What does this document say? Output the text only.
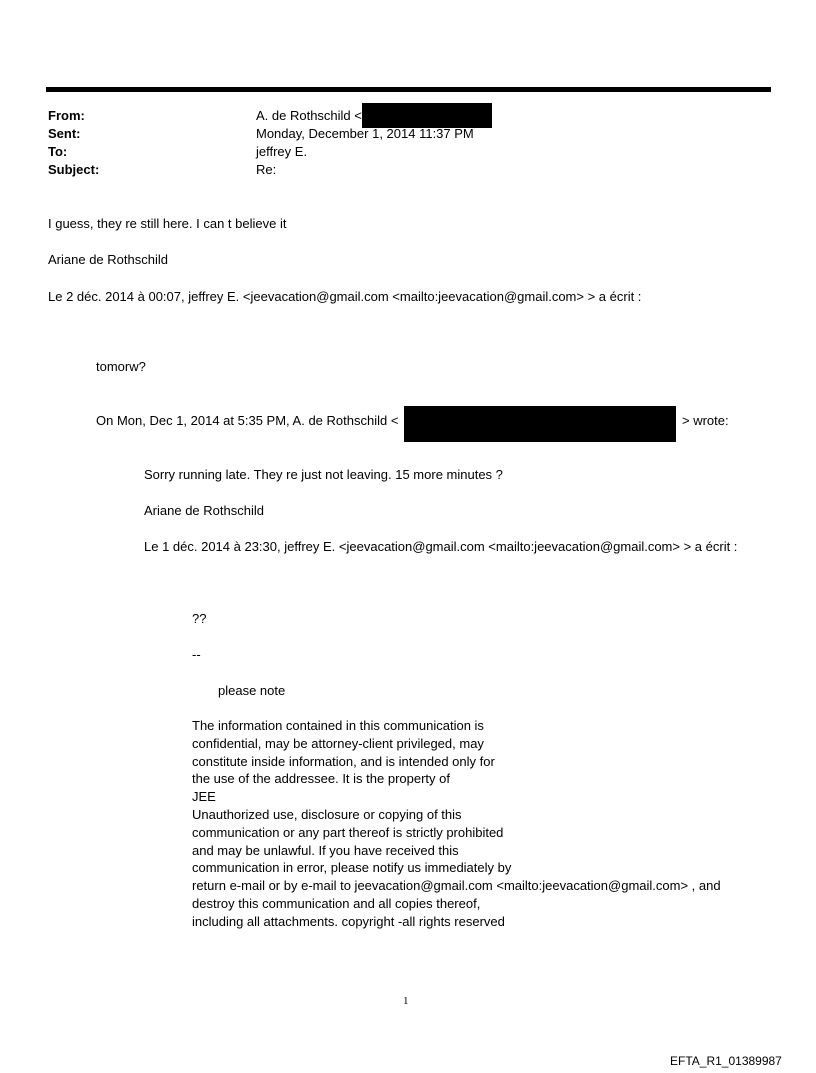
From:	A. de Rothschild <
Sent:	Monday, December 1, 2014 11:37 PM
To:	jeffrey E.
Subject:	Re:
I guess, they re still here. I can t believe it
Ariane de Rothschild
Le 2 déc. 2014 à 00:07, jeffrey E. <jeevacation@gmail.com <mailto:jeevacation@gmail.com> > a écrit :
tomorw?
On Mon, Dec 1, 2014 at 5:35 PM, A. de Rothschild <	> wrote:
Sorry running late. They re just not leaving. 15 more minutes ?
Ariane de Rothschild
Le 1 déc. 2014 à 23:30, jeffrey E. <jeevacation@gmail.com <mailto:jeevacation@gmail.com> > a écrit :
??
--
please note
The information contained in this communication is
confidential, may be attorney-client privileged, may
constitute inside information, and is intended only for
the use of the addressee. It is the property of
JEE
Unauthorized use, disclosure or copying of this
communication or any part thereof is strictly prohibited
and may be unlawful. If you have received this
communication in error, please notify us immediately by
return e-mail or by e-mail to jeevacation@gmail.com <mailto:jeevacation@gmail.com> , and
destroy this communication and all copies thereof,
including all attachments. copyright -all rights reserved
1
EFTA_R1_01389987
